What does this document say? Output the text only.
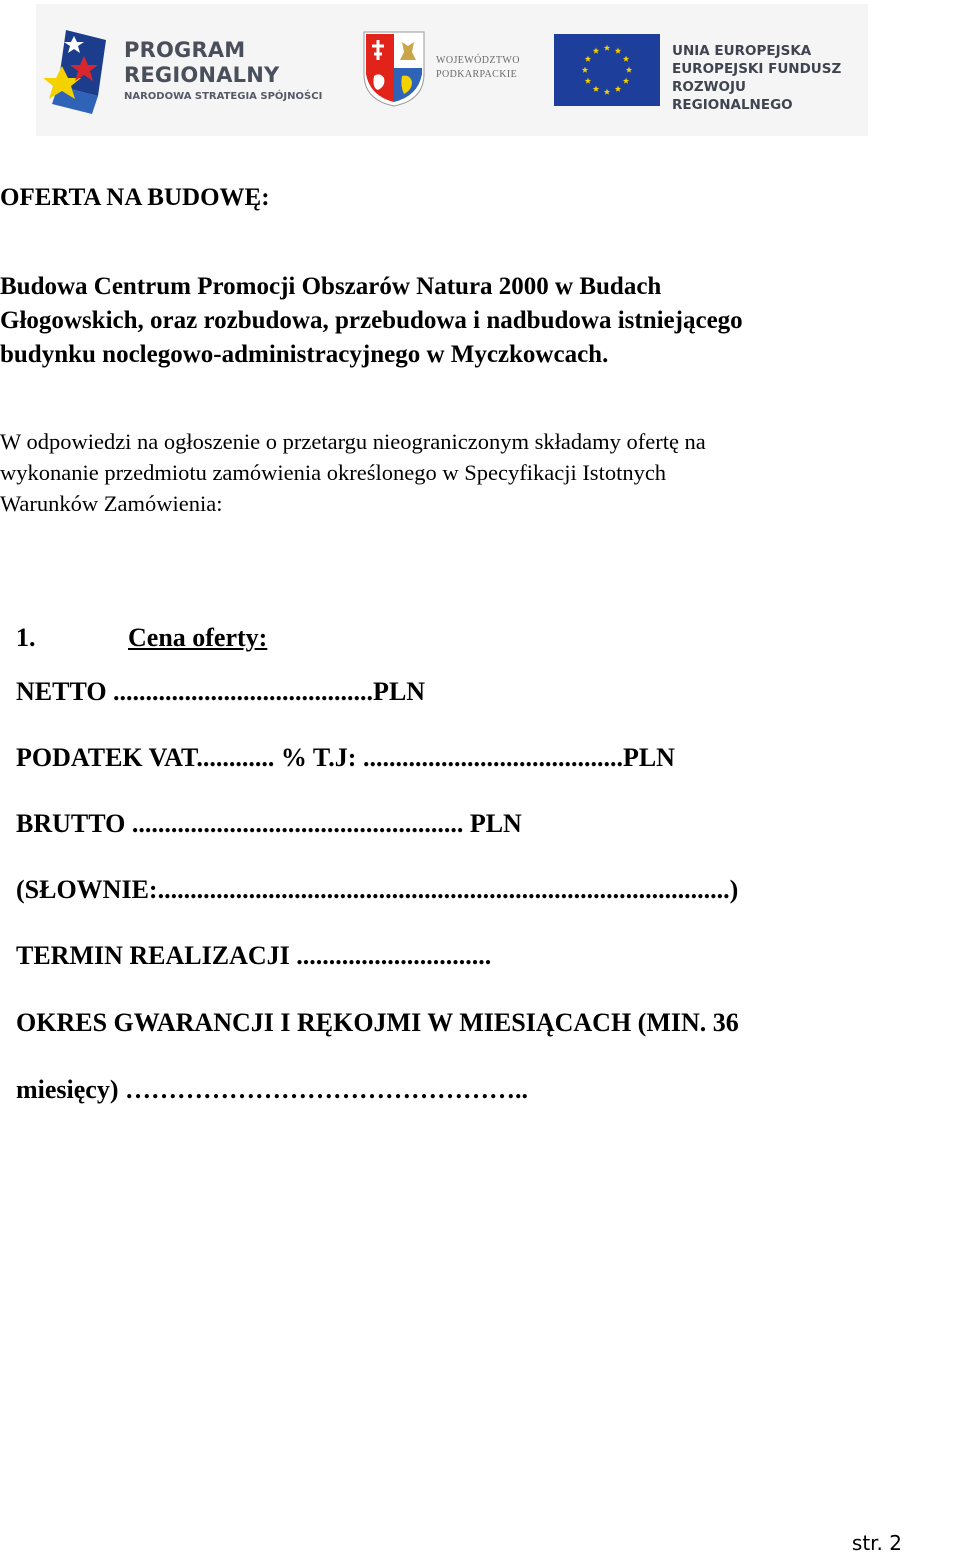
PROGRAM
REGIONALNY
NARODOWA STRATEGIA SPÓJNOŚCI
WOJEWÓDZTWO
PODKARPACKIE
UNIA EUROPEJSKA
EUROPEJSKI FUNDUSZ
ROZWOJU REGIONALNEGO
OFERTA NA BUDOWĘ:

Budowa Centrum Promocji Obszarów Natura 2000 w Budach
Głogowskich, oraz rozbudowa, przebudowa i nadbudowa istniejącego
budynku noclegowo-administracyjnego w Myczkowcach.

W odpowiedzi na ogłoszenie o przetargu nieograniczonym składamy ofertę na
wykonanie przedmiotu zamówienia określonego w Specyfikacji Istotnych
Warunków Zamówienia:

1.	Cena oferty:

NETTO ........................................PLN

PODATEK VAT............ % T.J: ........................................PLN

BRUTTO ................................................... PLN

(SŁOWNIE:........................................................................................)

TERMIN REALIZACJI ..............................

OKRES GWARANCJI I RĘKOJMI W MIESIĄCACH (MIN. 36

miesięcy) ………………………………………..

str. 2
